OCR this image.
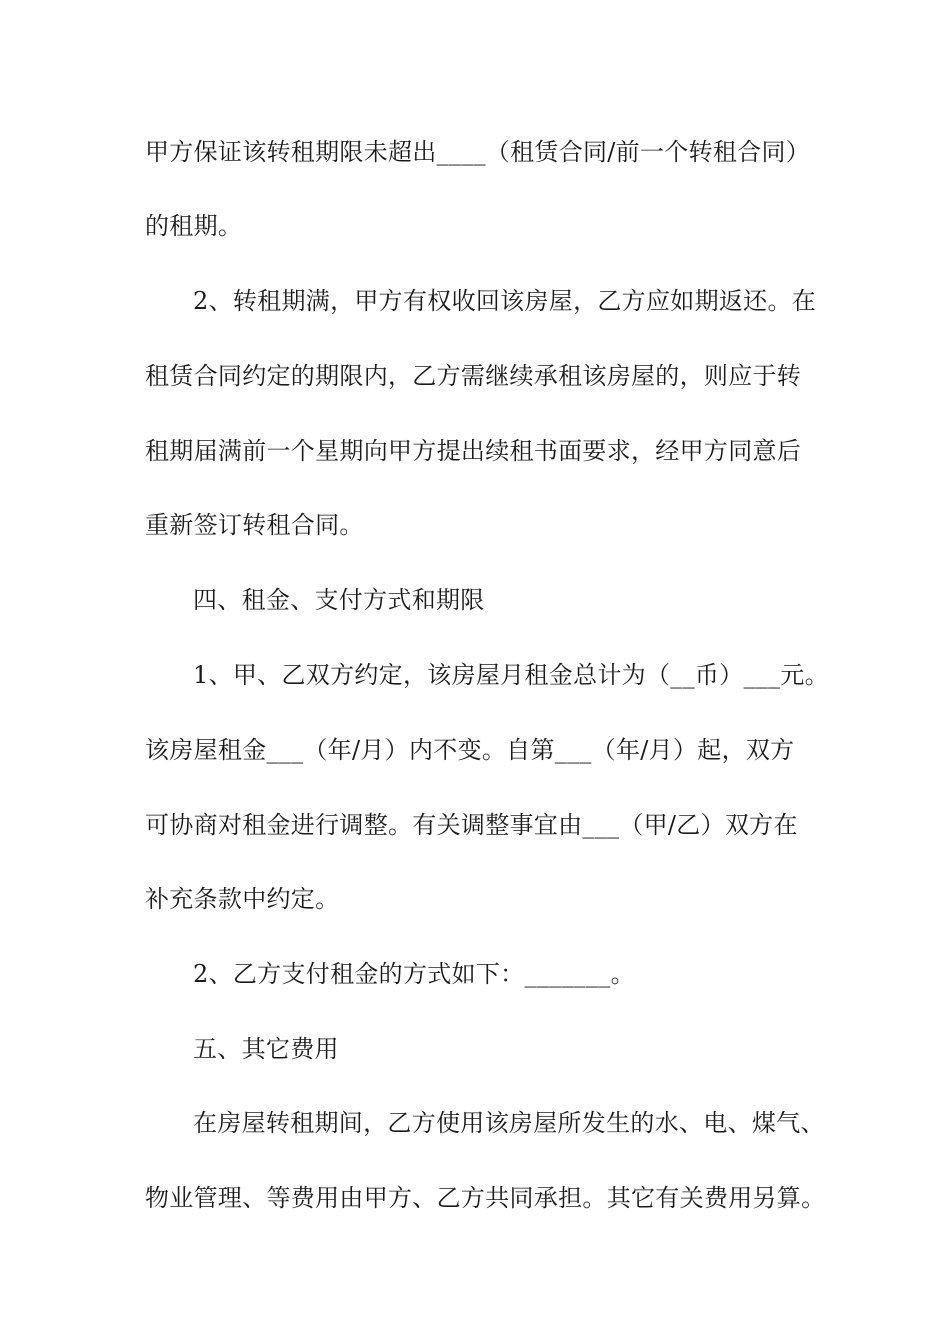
甲方保证该转租期限未超出____（租赁合同/前一个转租合同）
的租期。
2、转租期满，甲方有权收回该房屋，乙方应如期返还。在
租赁合同约定的期限内，乙方需继续承租该房屋的，则应于转
租期届满前一个星期向甲方提出续租书面要求，经甲方同意后
重新签订转租合同。
四、租金、支付方式和期限
1、甲、乙双方约定，该房屋月租金总计为（__币）___元。
该房屋租金___（年/月）内不变。自第___（年/月）起，双方
可协商对租金进行调整。有关调整事宜由___（甲/乙）双方在
补充条款中约定。
2、乙方支付租金的方式如下：_______。
五、其它费用
在房屋转租期间，乙方使用该房屋所发生的水、电、煤气、
物业管理、等费用由甲方、乙方共同承担。其它有关费用另算。
